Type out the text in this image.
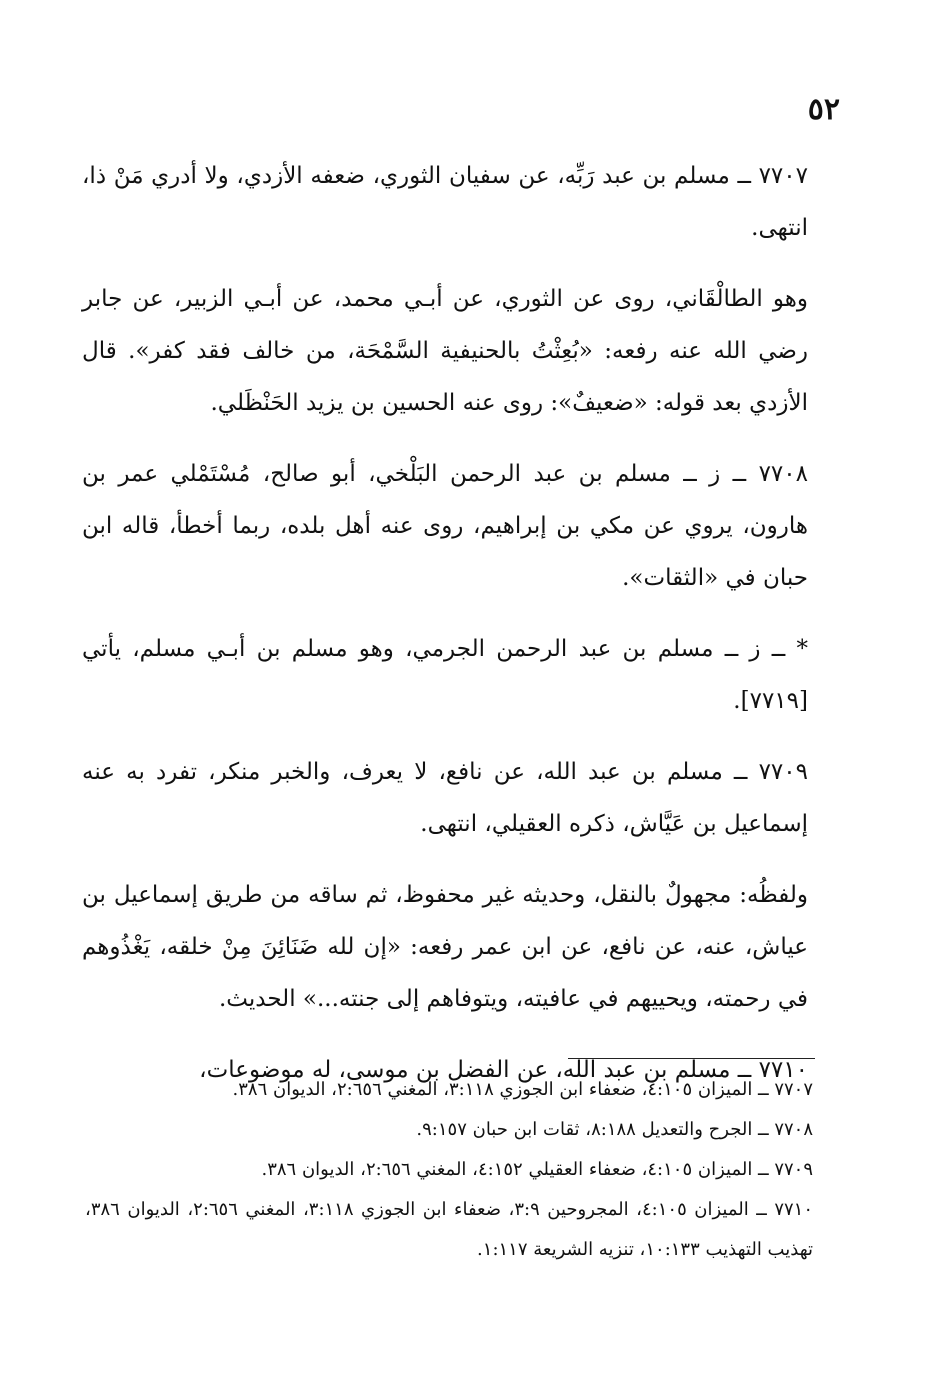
٥٢

٧٧٠٧ ــ مسلم بن عبد رَبِّه، عن سفيان الثوري، ضعفه الأزدي، ولا أدري مَنْ ذا، انتهى.

وهو الطالْقَاني، روى عن الثوري، عن أبـي محمد، عن أبـي الزبير، عن جابر رضي الله عنه رفعه: «بُعِثْتُ بالحنيفية السَّمْحَة، من خالف فقد كفر». قال الأزدي بعد قوله: «ضعيفٌ»: روى عنه الحسين بن يزيد الحَنْظَلي.

٧٧٠٨ ــ ز ــ مسلم بن عبد الرحمن البَلْخي، أبو صالح، مُسْتَمْلي عمر بن هارون، يروي عن مكي بن إبراهيم، روى عنه أهل بلده، ربما أخطأ، قاله ابن حبان في «الثقات».

* ــ ز ــ مسلم بن عبد الرحمن الجرمي، وهو مسلم بن أبـي مسلم، يأتي [٧٧١٩].

٧٧٠٩ ــ مسلم بن عبد الله، عن نافع، لا يعرف، والخبر منكر، تفرد به عنه إسماعيل بن عَيَّاش، ذكره العقيلي، انتهى.

ولفظُه: مجهولٌ بالنقل، وحديثه غير محفوظ، ثم ساقه من طريق إسماعيل بن عياش، عنه، عن نافع، عن ابن عمر رفعه: «إن لله ضَنَائِنَ مِنْ خلقه، يَغْذُوهم في رحمته، ويحييهم في عافيته، ويتوفاهم إلى جنته...» الحديث.

٧٧١٠ ــ مسلم بن عبد الله، عن الفضل بن موسى، له موضوعات،

٧٧٠٧ ــ الميزان ٤:١٠٥، ضعفاء ابن الجوزي ٣:١١٨، المغني ٢:٦٥٦، الديوان ٣٨٦.

٧٧٠٨ ــ الجرح والتعديل ٨:١٨٨، ثقات ابن حبان ٩:١٥٧.

٧٧٠٩ ــ الميزان ٤:١٠٥، ضعفاء العقيلي ٤:١٥٢، المغني ٢:٦٥٦، الديوان ٣٨٦.

٧٧١٠ ــ الميزان ٤:١٠٥، المجروحين ٣:٩، ضعفاء ابن الجوزي ٣:١١٨، المغني ٢:٦٥٦، الديوان ٣٨٦، تهذيب التهذيب ١٠:١٣٣، تنزيه الشريعة ١:١١٧.
